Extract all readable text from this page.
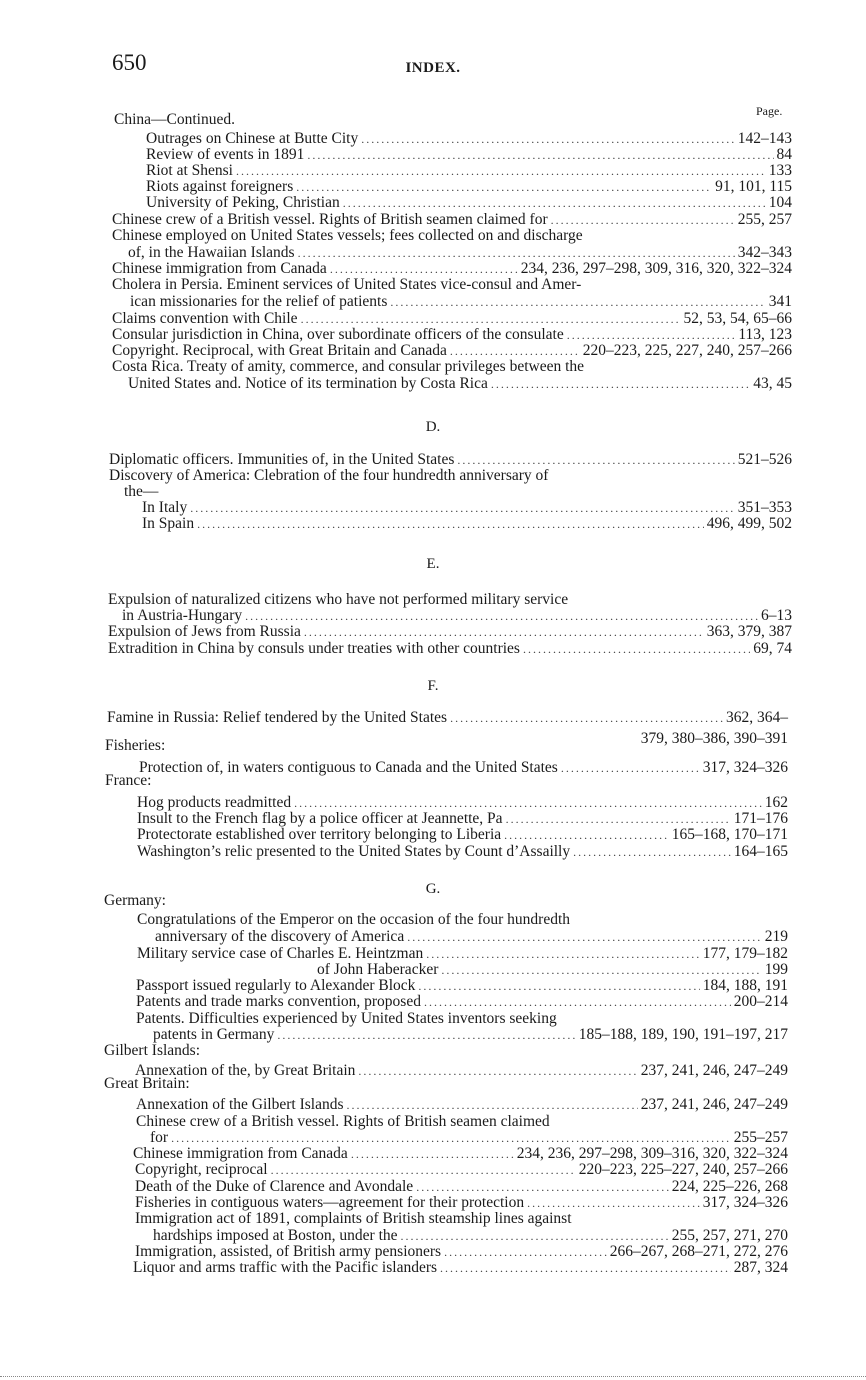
650	INDEX.
Page.
D.
E.
F.
G.
China—Continued.
Outrages on Chinese at Butte City .....	142–143
Review of events in 1891 .....	84
Riot at Shensi .....	133
Riots against foreigners .....	91, 101, 115
University of Peking, Christian .....	104
Chinese crew of a British vessel. Rights of British seamen claimed for .....	255, 257
Chinese employed on United States vessels; fees collected on and discharge
of, in the Hawaiian Islands .....	342–343
Chinese immigration from Canada .....	234, 236, 297–298, 309, 316, 320, 322–324
Cholera in Persia. Eminent services of United States vice-consul and Amer-
ican missionaries for the relief of patients .....	341
Claims convention with Chile .....	52, 53, 54, 65–66
Consular jurisdiction in China, over subordinate officers of the consulate .....	113, 123
Copyright. Reciprocal, with Great Britain and Canada .....	220–223, 225, 227, 240, 257–266
Costa Rica. Treaty of amity, commerce, and consular privileges between the
United States and. Notice of its termination by Costa Rica .....	43, 45
Diplomatic officers. Immunities of, in the United States .....	521–526
Discovery of America: Clebration of the four hundredth anniversary of
the—
In Italy .....	351–353
In Spain .....	496, 499, 502
Expulsion of naturalized citizens who have not performed military service
in Austria-Hungary .....	6–13
Expulsion of Jews from Russia .....	363, 379, 387
Extradition in China by consuls under treaties with other countries .....	69, 74
Famine in Russia: Relief tendered by the United States .....	362, 364–
379, 380–386, 390–391
Fisheries:
Protection of, in waters contiguous to Canada and the United States .....	317, 324–326
France:
Hog products readmitted .....	162
Insult to the French flag by a police officer at Jeannette, Pa .....	171–176
Protectorate established over territory belonging to Liberia .....	165–168, 170–171
Washington’s relic presented to the United States by Count d’Assailly .....	164–165
Germany:
Congratulations of the Emperor on the occasion of the four hundredth
anniversary of the discovery of America .....	219
Military service case of Charles E. Heintzman .....	177, 179–182
of John Haberacker .....	199
Passport issued regularly to Alexander Block .....	184, 188, 191
Patents and trade marks convention, proposed .....	200–214
Patents. Difficulties experienced by United States inventors seeking
patents in Germany .....	185–188, 189, 190, 191–197, 217
Gilbert Islands:
Annexation of the, by Great Britain .....	237, 241, 246, 247–249
Great Britain:
Annexation of the Gilbert Islands .....	237, 241, 246, 247–249
Chinese crew of a British vessel. Rights of British seamen claimed
for .....	255–257
Chinese immigration from Canada .....	234, 236, 297–298, 309–316, 320, 322–324
Copyright, reciprocal .....	220–223, 225–227, 240, 257–266
Death of the Duke of Clarence and Avondale .....	224, 225–226, 268
Fisheries in contiguous waters—agreement for their protection .....	317, 324–326
Immigration act of 1891, complaints of British steamship lines against
hardships imposed at Boston, under the .....	255, 257, 271, 270
Immigration, assisted, of British army pensioners .....	266–267, 268–271, 272, 276
Liquor and arms traffic with the Pacific islanders .....	287, 324
